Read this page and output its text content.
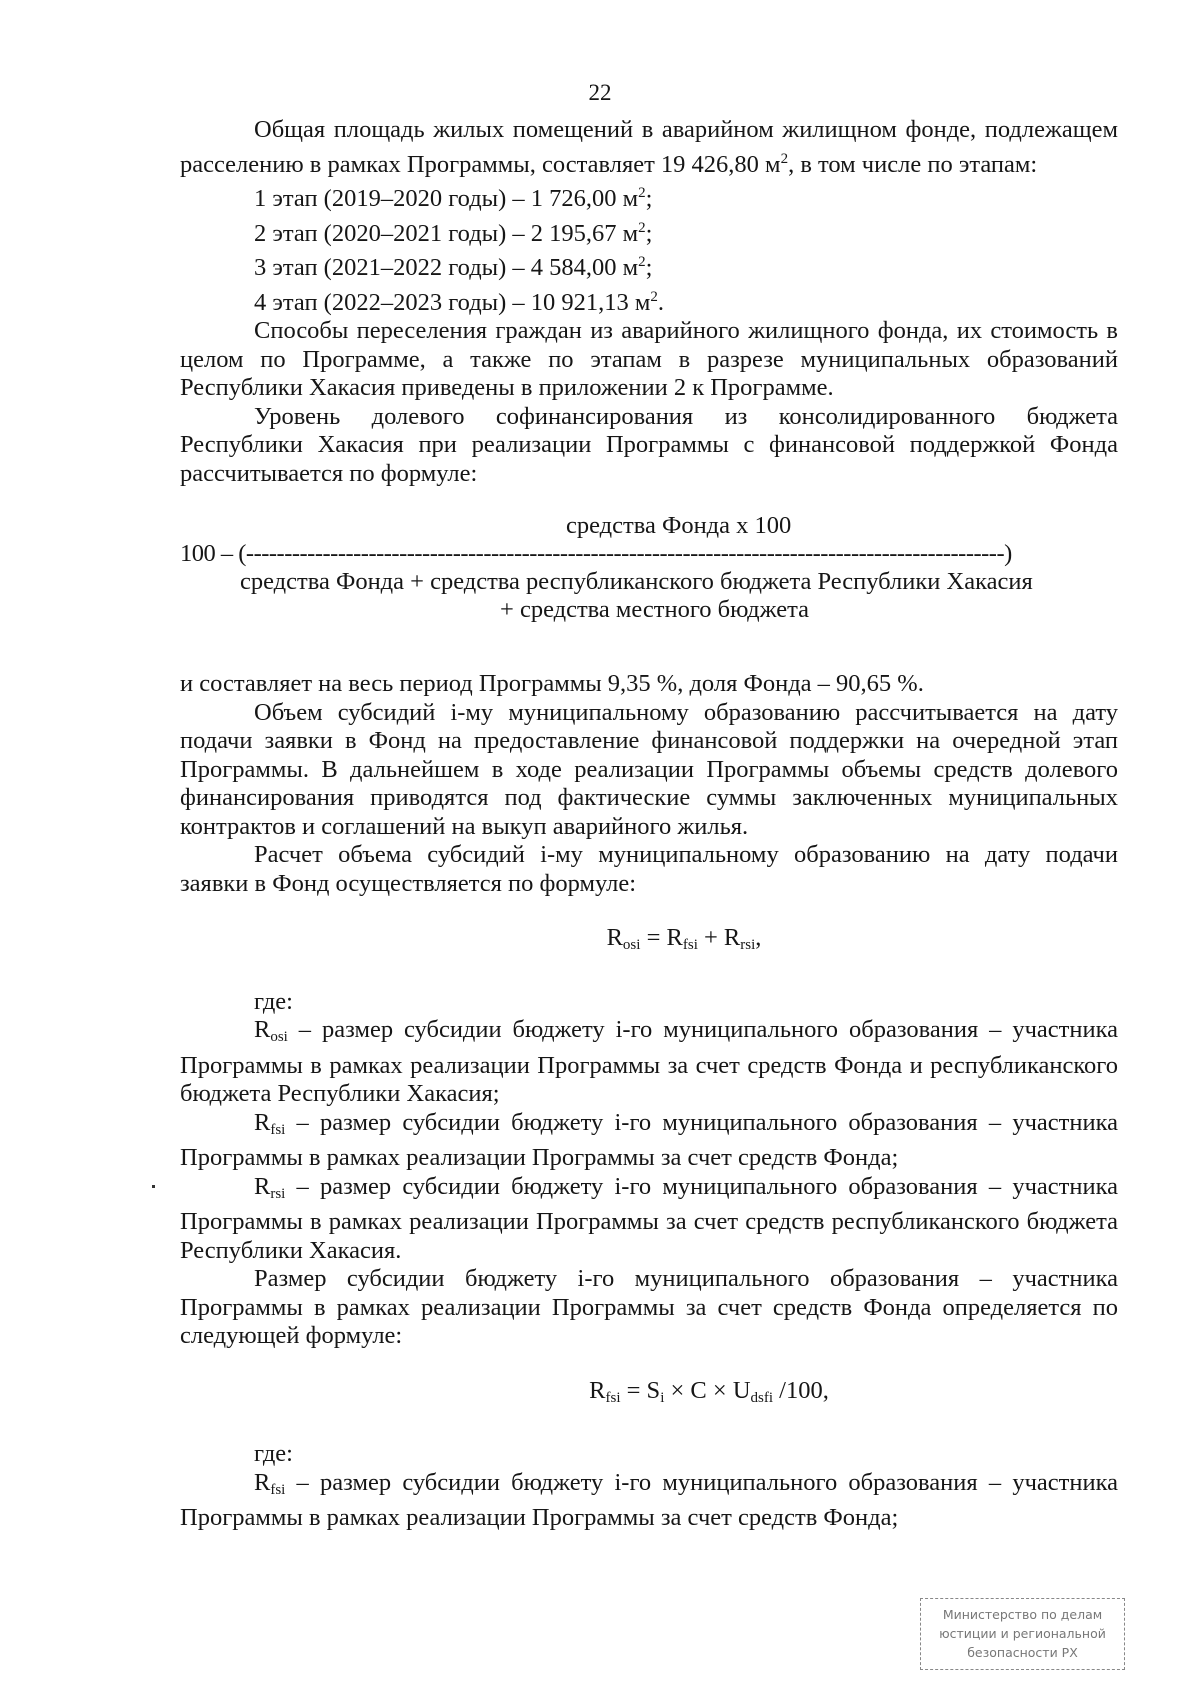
22

Общая площадь жилых помещений в аварийном жилищном фонде, подлежащем расселению в рамках Программы, составляет 19 426,80 $м^2$, в том числе по этапам:

1 этап (2019–2020 годы) – 1 726,00 $м^2$;

2 этап (2020–2021 годы) – 2 195,67 $м^2$;

3 этап (2021–2022 годы) – 4 584,00 $м^2$;

4 этап (2022–2023 годы) – 10 921,13 $м^2$.

Способы переселения граждан из аварийного жилищного фонда, их стоимость в целом по Программе, а также по этапам в разрезе муниципальных образований Республики Хакасия приведены в приложении 2 к Программе.

Уровень долевого софинансирования из консолидированного бюджета Республики Хакасия при реализации Программы с финансовой поддержкой Фонда рассчитывается по формуле:

средства Фонда х 100
100 – (---------------------------------------------------------------------------------------------------)
средства Фонда + средства республиканского бюджета Республики Хакасия
+ средства местного бюджета

и составляет на весь период Программы 9,35 %, доля Фонда – 90,65 %.

Объем субсидий i-му муниципальному образованию рассчитывается на дату подачи заявки в Фонд на предоставление финансовой поддержки на очередной этап Программы. В дальнейшем в ходе реализации Программы объемы средств долевого финансирования приводятся под фактические суммы заключенных муниципальных контрактов и соглашений на выкуп аварийного жилья.

Расчет объема субсидий i-му муниципальному образованию на дату подачи заявки в Фонд осуществляется по формуле:

$R_{osi} = R_{fsi} + R_{rsi}$,

где:

$R_{osi}$ – размер субсидии бюджету i-го муниципального образования – участника Программы в рамках реализации Программы за счет средств Фонда и республиканского бюджета Республики Хакасия;

$R_{fsi}$ – размер субсидии бюджету i-го муниципального образования – участника Программы в рамках реализации Программы за счет средств Фонда;

$R_{rsi}$ – размер субсидии бюджету i-го муниципального образования – участника Программы в рамках реализации Программы за счет средств республиканского бюджета Республики Хакасия.

Размер субсидии бюджету i-го муниципального образования – участника Программы в рамках реализации Программы за счет средств Фонда определяется по следующей формуле:

$R_{fsi} = S_i \times C \times U_{dsfi}$ /100,

где:

$R_{fsi}$ – размер субсидии бюджету i-го муниципального образования – участника Программы в рамках реализации Программы за счет средств Фонда;

Министерство по делам
юстиции и региональной
безопасности РХ
